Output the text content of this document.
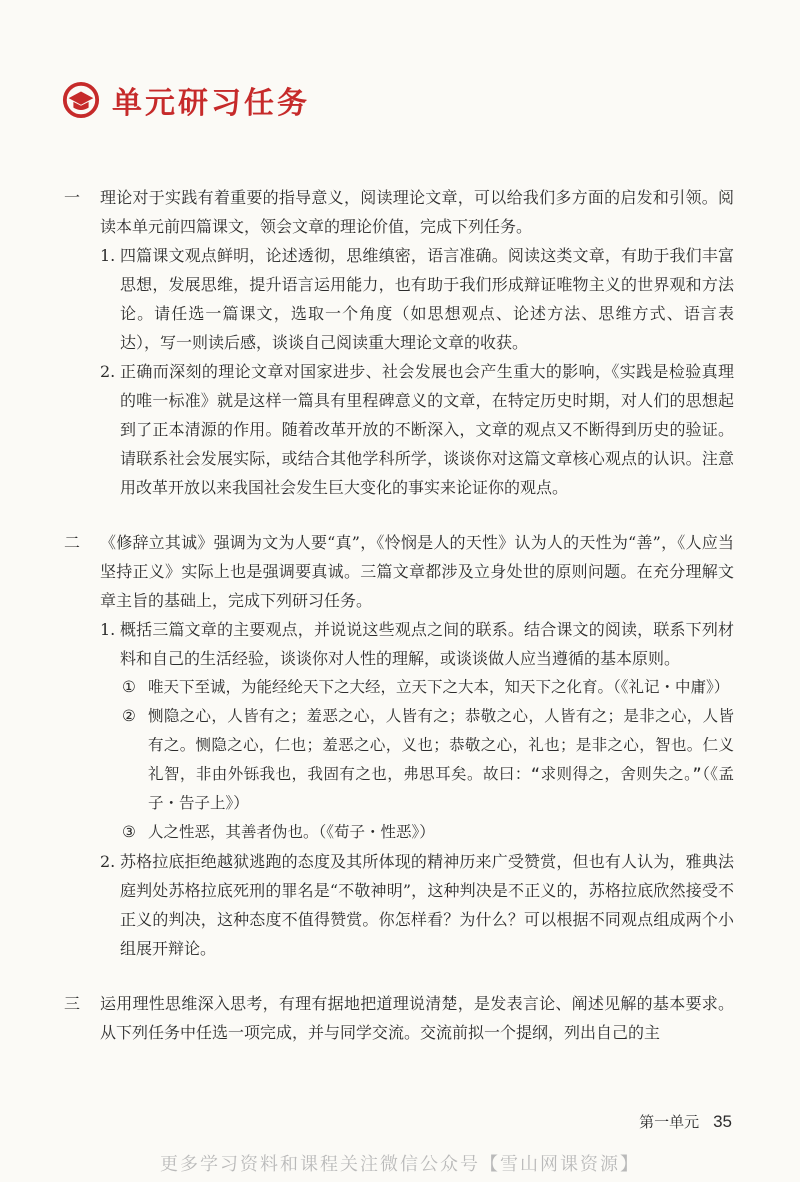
单元研习任务
一	理论对于实践有着重要的指导意义，阅读理论文章，可以给我们多方面的启发和引领。阅读本单元前四篇课文，领会文章的理论价值，完成下列任务。

1. 四篇课文观点鲜明，论述透彻，思维缜密，语言准确。阅读这类文章，有助于我们丰富思想，发展思维，提升语言运用能力，也有助于我们形成辩证唯物主义的世界观和方法论。请任选一篇课文，选取一个角度（如思想观点、论述方法、思维方式、语言表达），写一则读后感，谈谈自己阅读重大理论文章的收获。

2. 正确而深刻的理论文章对国家进步、社会发展也会产生重大的影响，《实践是检验真理的唯一标准》就是这样一篇具有里程碑意义的文章，在特定历史时期，对人们的思想起到了正本清源的作用。随着改革开放的不断深入，文章的观点又不断得到历史的验证。请联系社会发展实际，或结合其他学科所学，谈谈你对这篇文章核心观点的认识。注意用改革开放以来我国社会发生巨大变化的事实来论证你的观点。

二	《修辞立其诚》强调为文为人要“真”，《怜悯是人的天性》认为人的天性为“善”，《人应当坚持正义》实际上也是强调要真诚。三篇文章都涉及立身处世的原则问题。在充分理解文章主旨的基础上，完成下列研习任务。

1. 概括三篇文章的主要观点，并说说这些观点之间的联系。结合课文的阅读，联系下列材料和自己的生活经验，谈谈你对人性的理解，或谈谈做人应当遵循的基本原则。

① 唯天下至诚，为能经纶天下之大经，立天下之大本，知天下之化育。（《礼记・中庸》）

② 恻隐之心，人皆有之；羞恶之心，人皆有之；恭敬之心，人皆有之；是非之心，人皆有之。恻隐之心，仁也；羞恶之心，义也；恭敬之心，礼也；是非之心，智也。仁义礼智，非由外铄我也，我固有之也，弗思耳矣。故曰：“求则得之，舍则失之。”（《孟子・告子上》）

③ 人之性恶，其善者伪也。（《荀子・性恶》）

2. 苏格拉底拒绝越狱逃跑的态度及其所体现的精神历来广受赞赏，但也有人认为，雅典法庭判处苏格拉底死刑的罪名是“不敬神明”，这种判决是不正义的，苏格拉底欣然接受不正义的判决，这种态度不值得赞赏。你怎样看？为什么？可以根据不同观点组成两个小组展开辩论。

三	运用理性思维深入思考，有理有据地把道理说清楚，是发表言论、阐述见解的基本要求。从下列任务中任选一项完成，并与同学交流。交流前拟一个提纲，列出自己的主

第一单元 35
更多学习资料和课程关注微信公众号【雪山网课资源】
